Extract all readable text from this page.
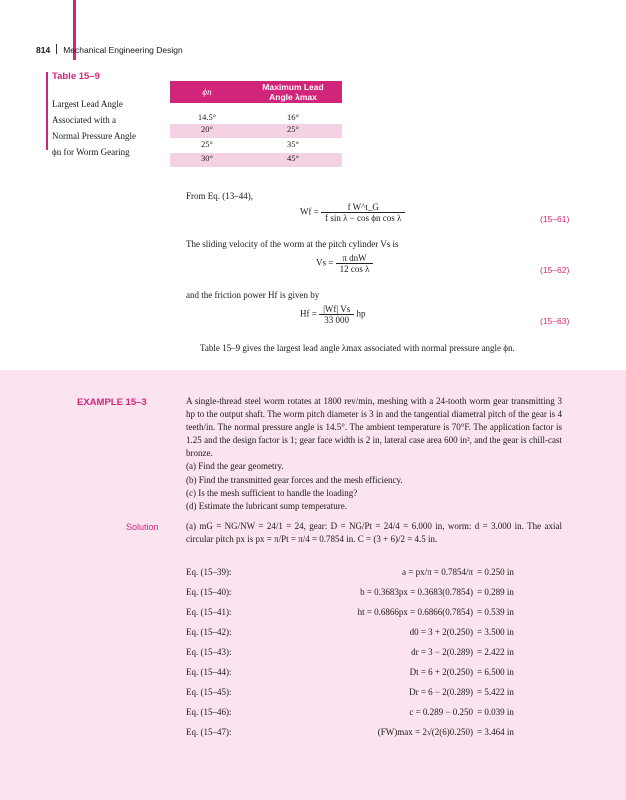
814 Mechanical Engineering Design
Table 15–9
Largest Lead Angle
Associated with a
Normal Pressure Angle
ϕn for Worm Gearing
ϕn	Maximum Lead
Angle λmax
14.5°	16°
20°	25°
25°	35°
30°	45°
From Eq. (13–44),
$Wf = \frac{\text{f W\textasciicircum{}t\_G}}{\text{f sin λ − cos ϕn cos λ}}$	(15–61)
The sliding velocity of the worm at the pitch cylinder Vs is
$Vs = \frac{\text{π dnW}}{\text{12 cos λ}}$	(15–62)
and the friction power Hf is given by
$Hf = \frac{|Wf| Vs}{33 000}$ hp
(15–63)
Table 15–9 gives the largest lead angle λmax associated with normal pressure angle ϕn.
EXAMPLE 15–3	A single-thread steel worm rotates at 1800 rev/min, meshing with a 24-tooth worm gear transmitting 3 hp to the output shaft. The worm pitch diameter is 3 in and the tangential diametral pitch of the gear is 4 teeth/in. The normal pressure angle is 14.5°. The ambient temperature is 70°F. The application factor is 1.25 and the design factor is 1; gear face width is 2 in, lateral case area 600 in², and the gear is chill-cast bronze.

(a) Find the gear geometry.

(b) Find the transmitted gear forces and the mesh efficiency.

(c) Is the mesh sufficient to handle the loading?

(d) Estimate the lubricant sump temperature.

Solution	(a) mG = NG/NW = 24/1 = 24, gear: D = NG/Pt = 24/4 = 6.000 in, worm: d = 3.000 in. The axial circular pitch px is px = π/Pt = π/4 = 0.7854 in. C = (3 + 6)/2 = 4.5 in.
Eq. (15–39):	a = px/π = 0.7854/π = 0.250 in
Eq. (15–40):	b = 0.3683px = 0.3683(0.7854) = 0.289 in
Eq. (15–41):	ht = 0.6866px = 0.6866(0.7854) = 0.539 in
Eq. (15–42):	d0 = 3 + 2(0.250) = 3.500 in
Eq. (15–43):	dr = 3 − 2(0.289) = 2.422 in
Eq. (15–44):	Dt = 6 + 2(0.250) = 6.500 in
Eq. (15–45):	Dr = 6 − 2(0.289) = 5.422 in
Eq. (15–46):	c = 0.289 − 0.250 = 0.039 in
Eq. (15–47):	(FW)max = 2√(2(6)0.250) = 3.464 in
